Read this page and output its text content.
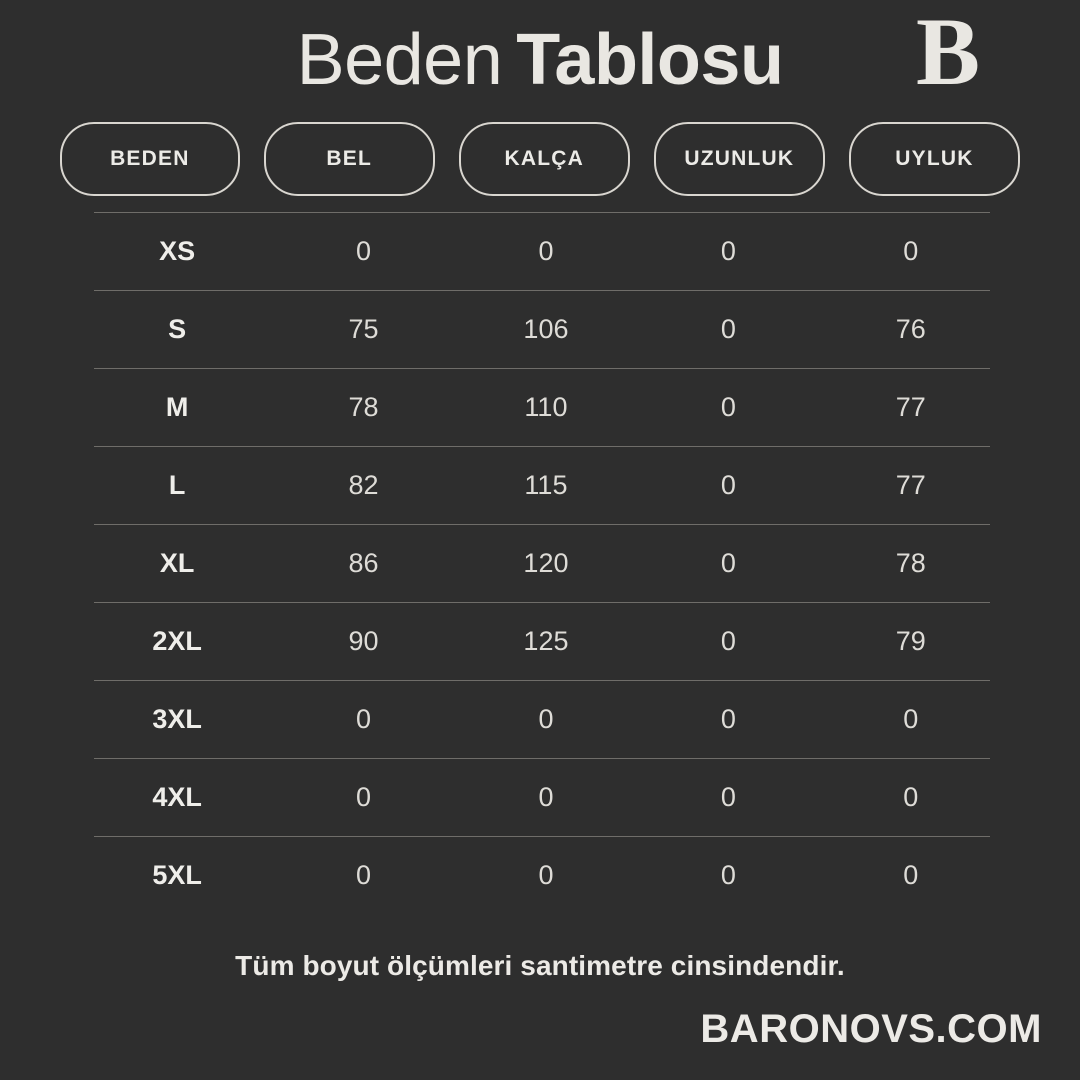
Beden Tablosu B
BEDEN	BEL	KALÇA	UZUNLUK	UYLUK
XS	0	0	0	0
S	75	106	0	76
M	78	110	0	77
L	82	115	0	77
XL	86	120	0	78
2XL	90	125	0	79
3XL	0	0	0	0
4XL	0	0	0	0
5XL	0	0	0	0
Tüm boyut ölçümleri santimetre cinsindendir.
BARONOVS.COM
